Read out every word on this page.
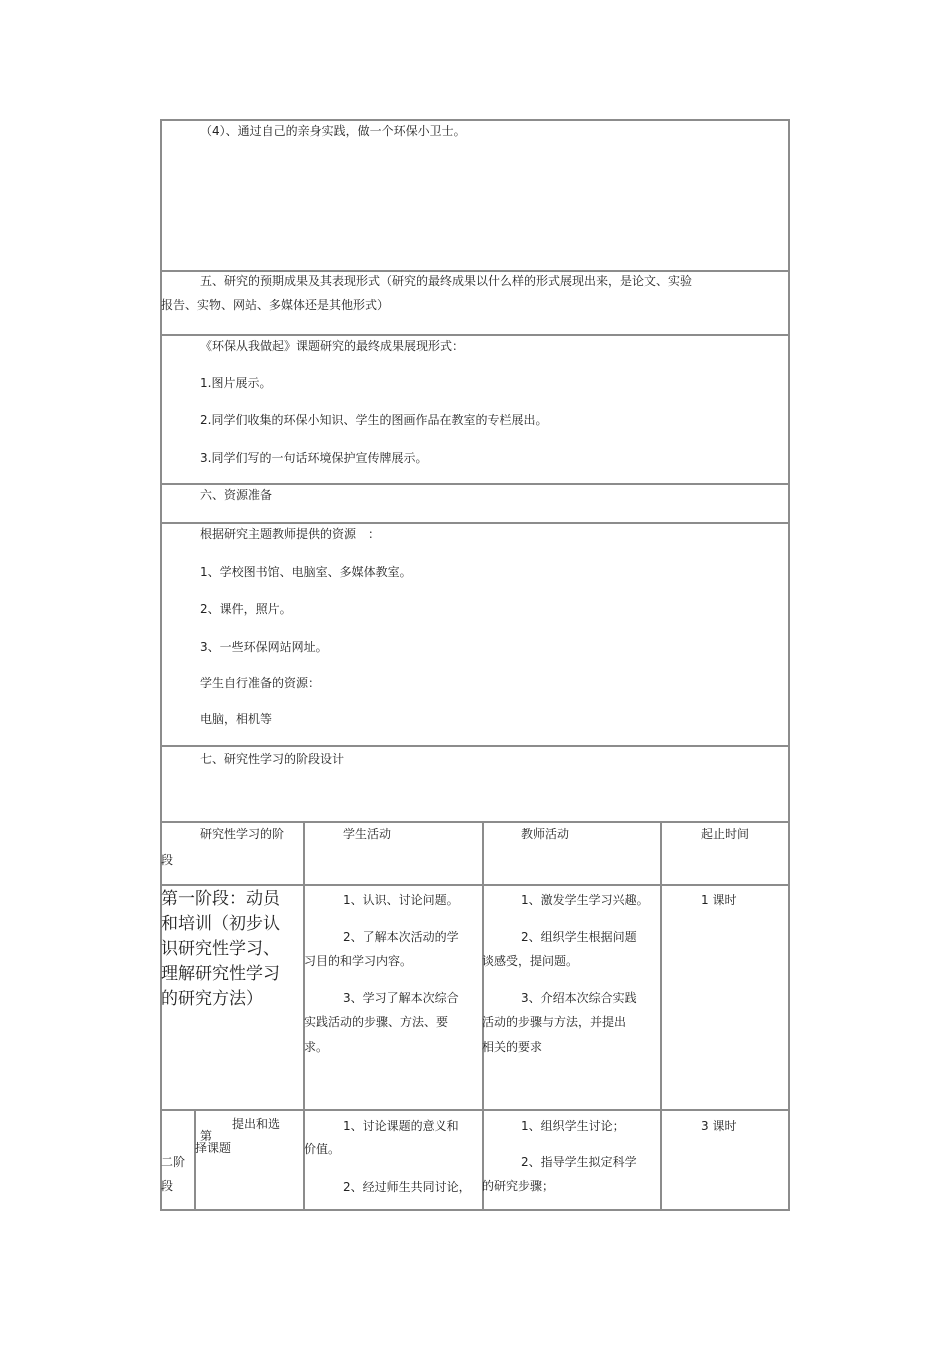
（4）、通过自己的亲身实践，做一个环保小卫士。
五、研究的预期成果及其表现形式（研究的最终成果以什么样的形式展现出来，是论文、实验
报告、实物、网站、多媒体还是其他形式）
《环保从我做起》课题研究的最终成果展现形式：
1.图片展示。
2.同学们收集的环保小知识、学生的图画作品在教室的专栏展出。
3.同学们写的一句话环境保护宣传牌展示。
六、资源准备
根据研究主题教师提供的资源　：
1、学校图书馆、电脑室、多媒体教室。
2、课件，照片。
3、一些环保网站网址。
学生自行准备的资源：
电脑，相机等
七、研究性学习的阶段设计
研究性学习的阶
段
学生活动	教师活动	起止时间
第一阶段：动员
和培训（初步认
识研究性学习、
理解研究性学习
的研究方法）
1、认识、讨论问题。
2、了解本次活动的学
习目的和学习内容。
3、学习了解本次综合
实践活动的步骤、方法、要
求。
1、激发学生学习兴趣。
2、组织学生根据问题
谈感受，提问题。
3、介绍本次综合实践
活动的步骤与方法，并提出
相关的要求
1 课时
第
二阶
段
提出和选
择课题
1、讨论课题的意义和
价值。
2、经过师生共同讨论，
1、组织学生讨论；
2、指导学生拟定科学
的研究步骤；
3 课时
